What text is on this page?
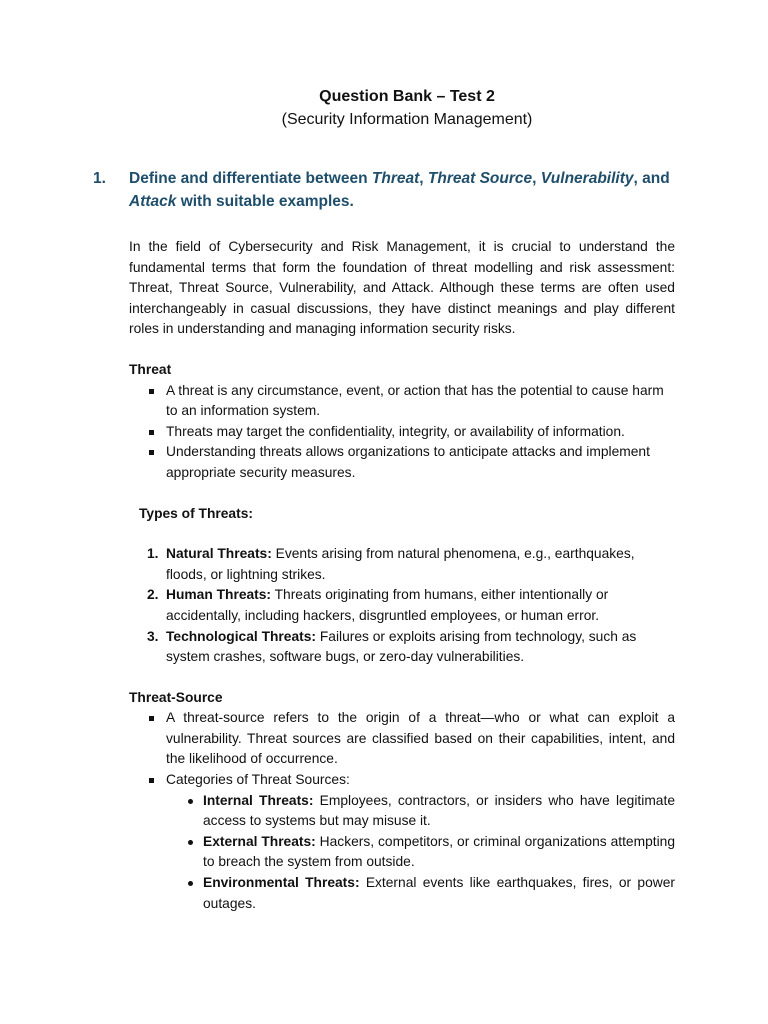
Question Bank – Test 2
(Security Information Management)
1. Define and differentiate between Threat, Threat Source, Vulnerability, and Attack with suitable examples.

In the field of Cybersecurity and Risk Management, it is crucial to understand the fundamental terms that form the foundation of threat modelling and risk assessment: Threat, Threat Source, Vulnerability, and Attack. Although these terms are often used interchangeably in casual discussions, they have distinct meanings and play different roles in understanding and managing information security risks.

Threat
A threat is any circumstance, event, or action that has the potential to cause harm to an information system.
Threats may target the confidentiality, integrity, or availability of information.
Understanding threats allows organizations to anticipate attacks and implement appropriate security measures.
Types of Threats:
1. Natural Threats: Events arising from natural phenomena, e.g., earthquakes, floods, or lightning strikes.
2. Human Threats: Threats originating from humans, either intentionally or accidentally, including hackers, disgruntled employees, or human error.
3. Technological Threats: Failures or exploits arising from technology, such as system crashes, software bugs, or zero-day vulnerabilities.
Threat-Source
A threat-source refers to the origin of a threat—who or what can exploit a vulnerability. Threat sources are classified based on their capabilities, intent, and the likelihood of occurrence.
Categories of Threat Sources:
Internal Threats: Employees, contractors, or insiders who have legitimate access to systems but may misuse it.
External Threats: Hackers, competitors, or criminal organizations attempting to breach the system from outside.
Environmental Threats: External events like earthquakes, fires, or power outages.
